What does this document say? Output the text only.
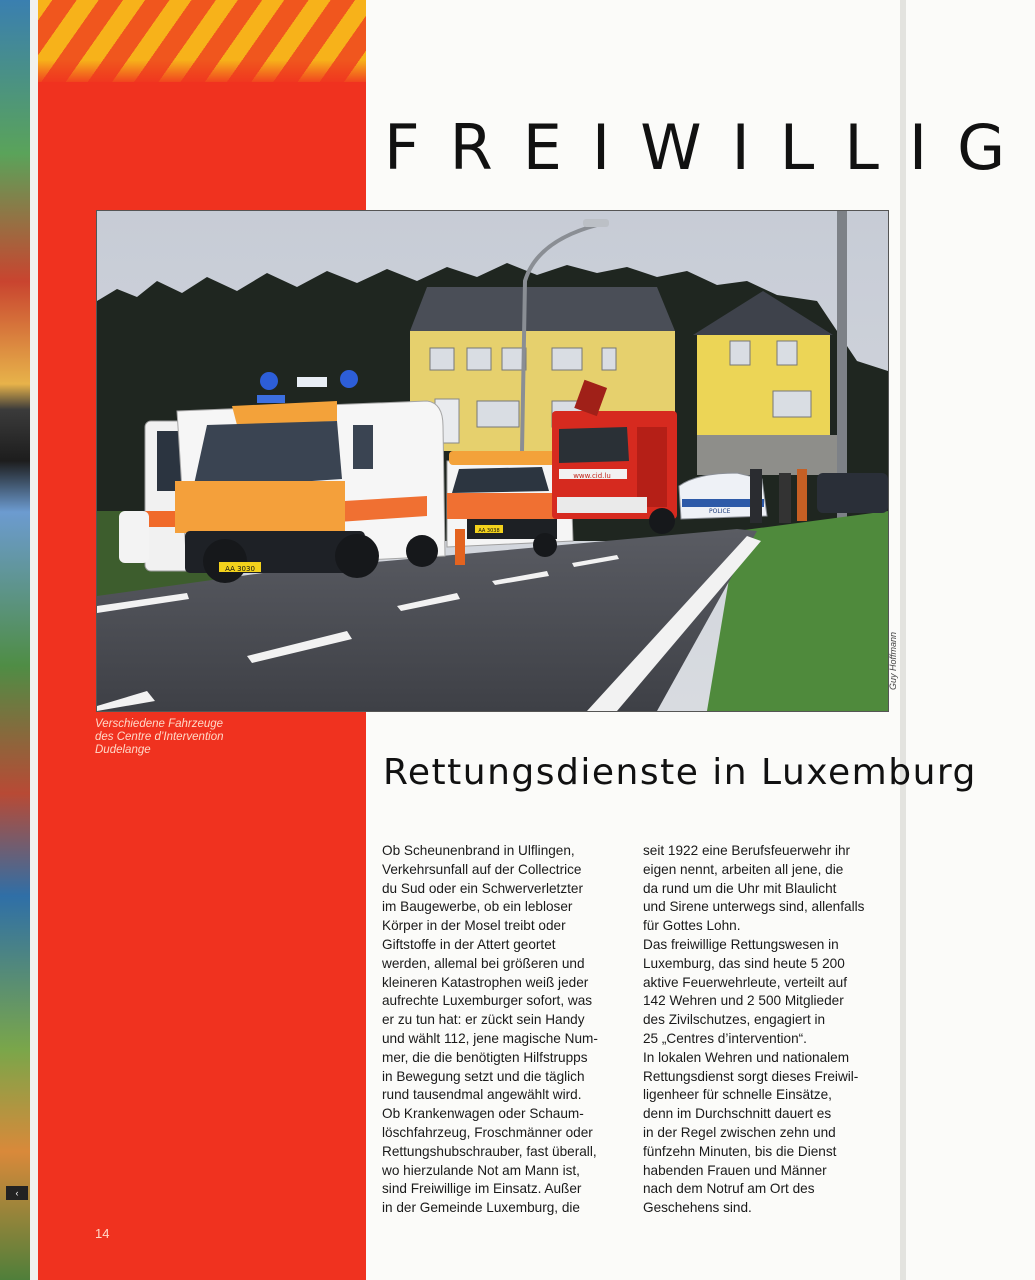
‹
FREIWILLIG
AA 3030
AA 3038
www.cid.lu
POLICE
Guy Hoffmann
Verschiedene Fahrzeuge
des Centre d’Intervention
Dudelange
Rettungsdienste in Luxemburg
Ob Scheunenbrand in Ulflingen,
Verkehrsunfall auf der Collectrice
du Sud oder ein Schwerverletzter
im Baugewerbe, ob ein lebloser
Körper in der Mosel treibt oder
Giftstoffe in der Attert geortet
werden, allemal bei größeren und
kleineren Katastrophen weiß jeder
aufrechte Luxemburger sofort, was
er zu tun hat: er zückt sein Handy
und wählt 112, jene magische Num-
mer, die die benötigten Hilfstrupps
in Bewegung setzt und die täglich
rund tausendmal angewählt wird.
Ob Krankenwagen oder Schaum-
löschfahrzeug, Froschmänner oder
Rettungshubschrauber, fast überall,
wo hierzulande Not am Mann ist,
sind Freiwillige im Einsatz. Außer
in der Gemeinde Luxemburg, die
seit 1922 eine Berufsfeuerwehr ihr
eigen nennt, arbeiten all jene, die
da rund um die Uhr mit Blaulicht
und Sirene unterwegs sind, allenfalls
für Gottes Lohn.
Das freiwillige Rettungswesen in
Luxemburg, das sind heute 5 200
aktive Feuerwehrleute, verteilt auf
142 Wehren und 2 500 Mitglieder
des Zivilschutzes, engagiert in
25 „Centres d’intervention“.
In lokalen Wehren und nationalem
Rettungsdienst sorgt dieses Freiwil-
ligenheer für schnelle Einsätze,
denn im Durchschnitt dauert es
in der Regel zwischen zehn und
fünfzehn Minuten, bis die Dienst
habenden Frauen und Männer
nach dem Notruf am Ort des
Geschehens sind.
14
